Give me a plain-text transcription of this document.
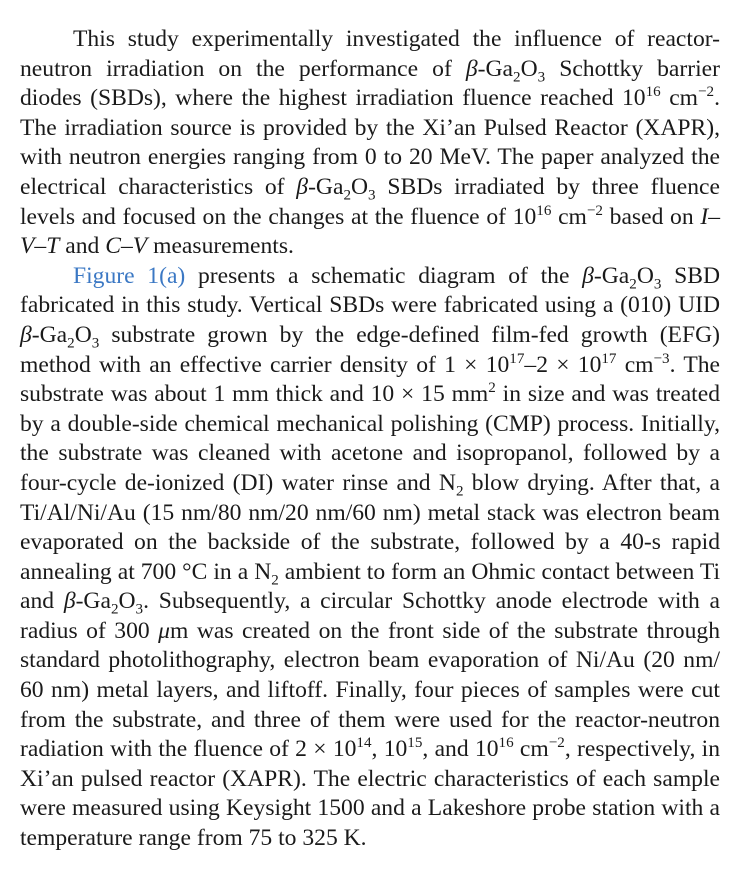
This study experimentally investigated the influence of reactor-neutron irradiation on the performance of $\beta-Ga_2O_3$ Schottky barrier diodes (SBDs), where the highest irradiation fluence reached $10^{16}$ $cm^{-2}$. The irradiation source is provided by the Xi’an Pulsed Reactor (XAPR), with neutron energies ranging from 0 to 20 MeV. The paper analyzed the electrical characteristics of $\beta-Ga_2O_3$ SBDs irradiated by three fluence levels and focused on the changes at the fluence of $10^{16}$ $cm^{-2}$ based on I–V–T and C–V measurements.

Figure 1(a) presents a schematic diagram of the $\beta-Ga_2O_3$ SBD fabricated in this study. Vertical SBDs were fabricated using a (010) UID $\beta-Ga_2O_3$ substrate grown by the edge-defined film-fed growth (EFG) method with an effective carrier density of $1 \times 10^{17}-2 \times 10^{17}$ $cm^{-3}$. The substrate was about 1 mm thick and 10 × 15 $mm^2$ in size and was treated by a double-side chemical mechanical polishing (CMP) process. Initially, the substrate was cleaned with acetone and isopropanol, followed by a four-cycle de-ionized (DI) water rinse and $N_2$ blow drying. After that, a Ti/Al/Ni/Au (15 nm/80 nm/20 nm/60 nm) metal stack was electron beam evaporated on the backside of the substrate, followed by a 40-s rapid annealing at 700 °C in a $N_2$ ambient to form an Ohmic contact between Ti and $\beta-Ga_2O_3$. Subsequently, a circular Schottky anode electrode with a radius of 300 μm was created on the front side of the substrate through standard photolithography, electron beam evaporation of Ni/Au (20 nm/​60 nm) metal layers, and liftoff. Finally, four pieces of samples were cut from the substrate, and three of them were used for the reactor-neutron radiation with the fluence of $2 \times 10^{14}$, $10^{15}$, and $10^{16}$ $cm^{-2}$, respectively, in Xi’an pulsed reactor (XAPR). The electric characteristics of each sample were measured using Keysight 1500 and a Lakeshore probe station with a temperature range from 75 to 325 K.
